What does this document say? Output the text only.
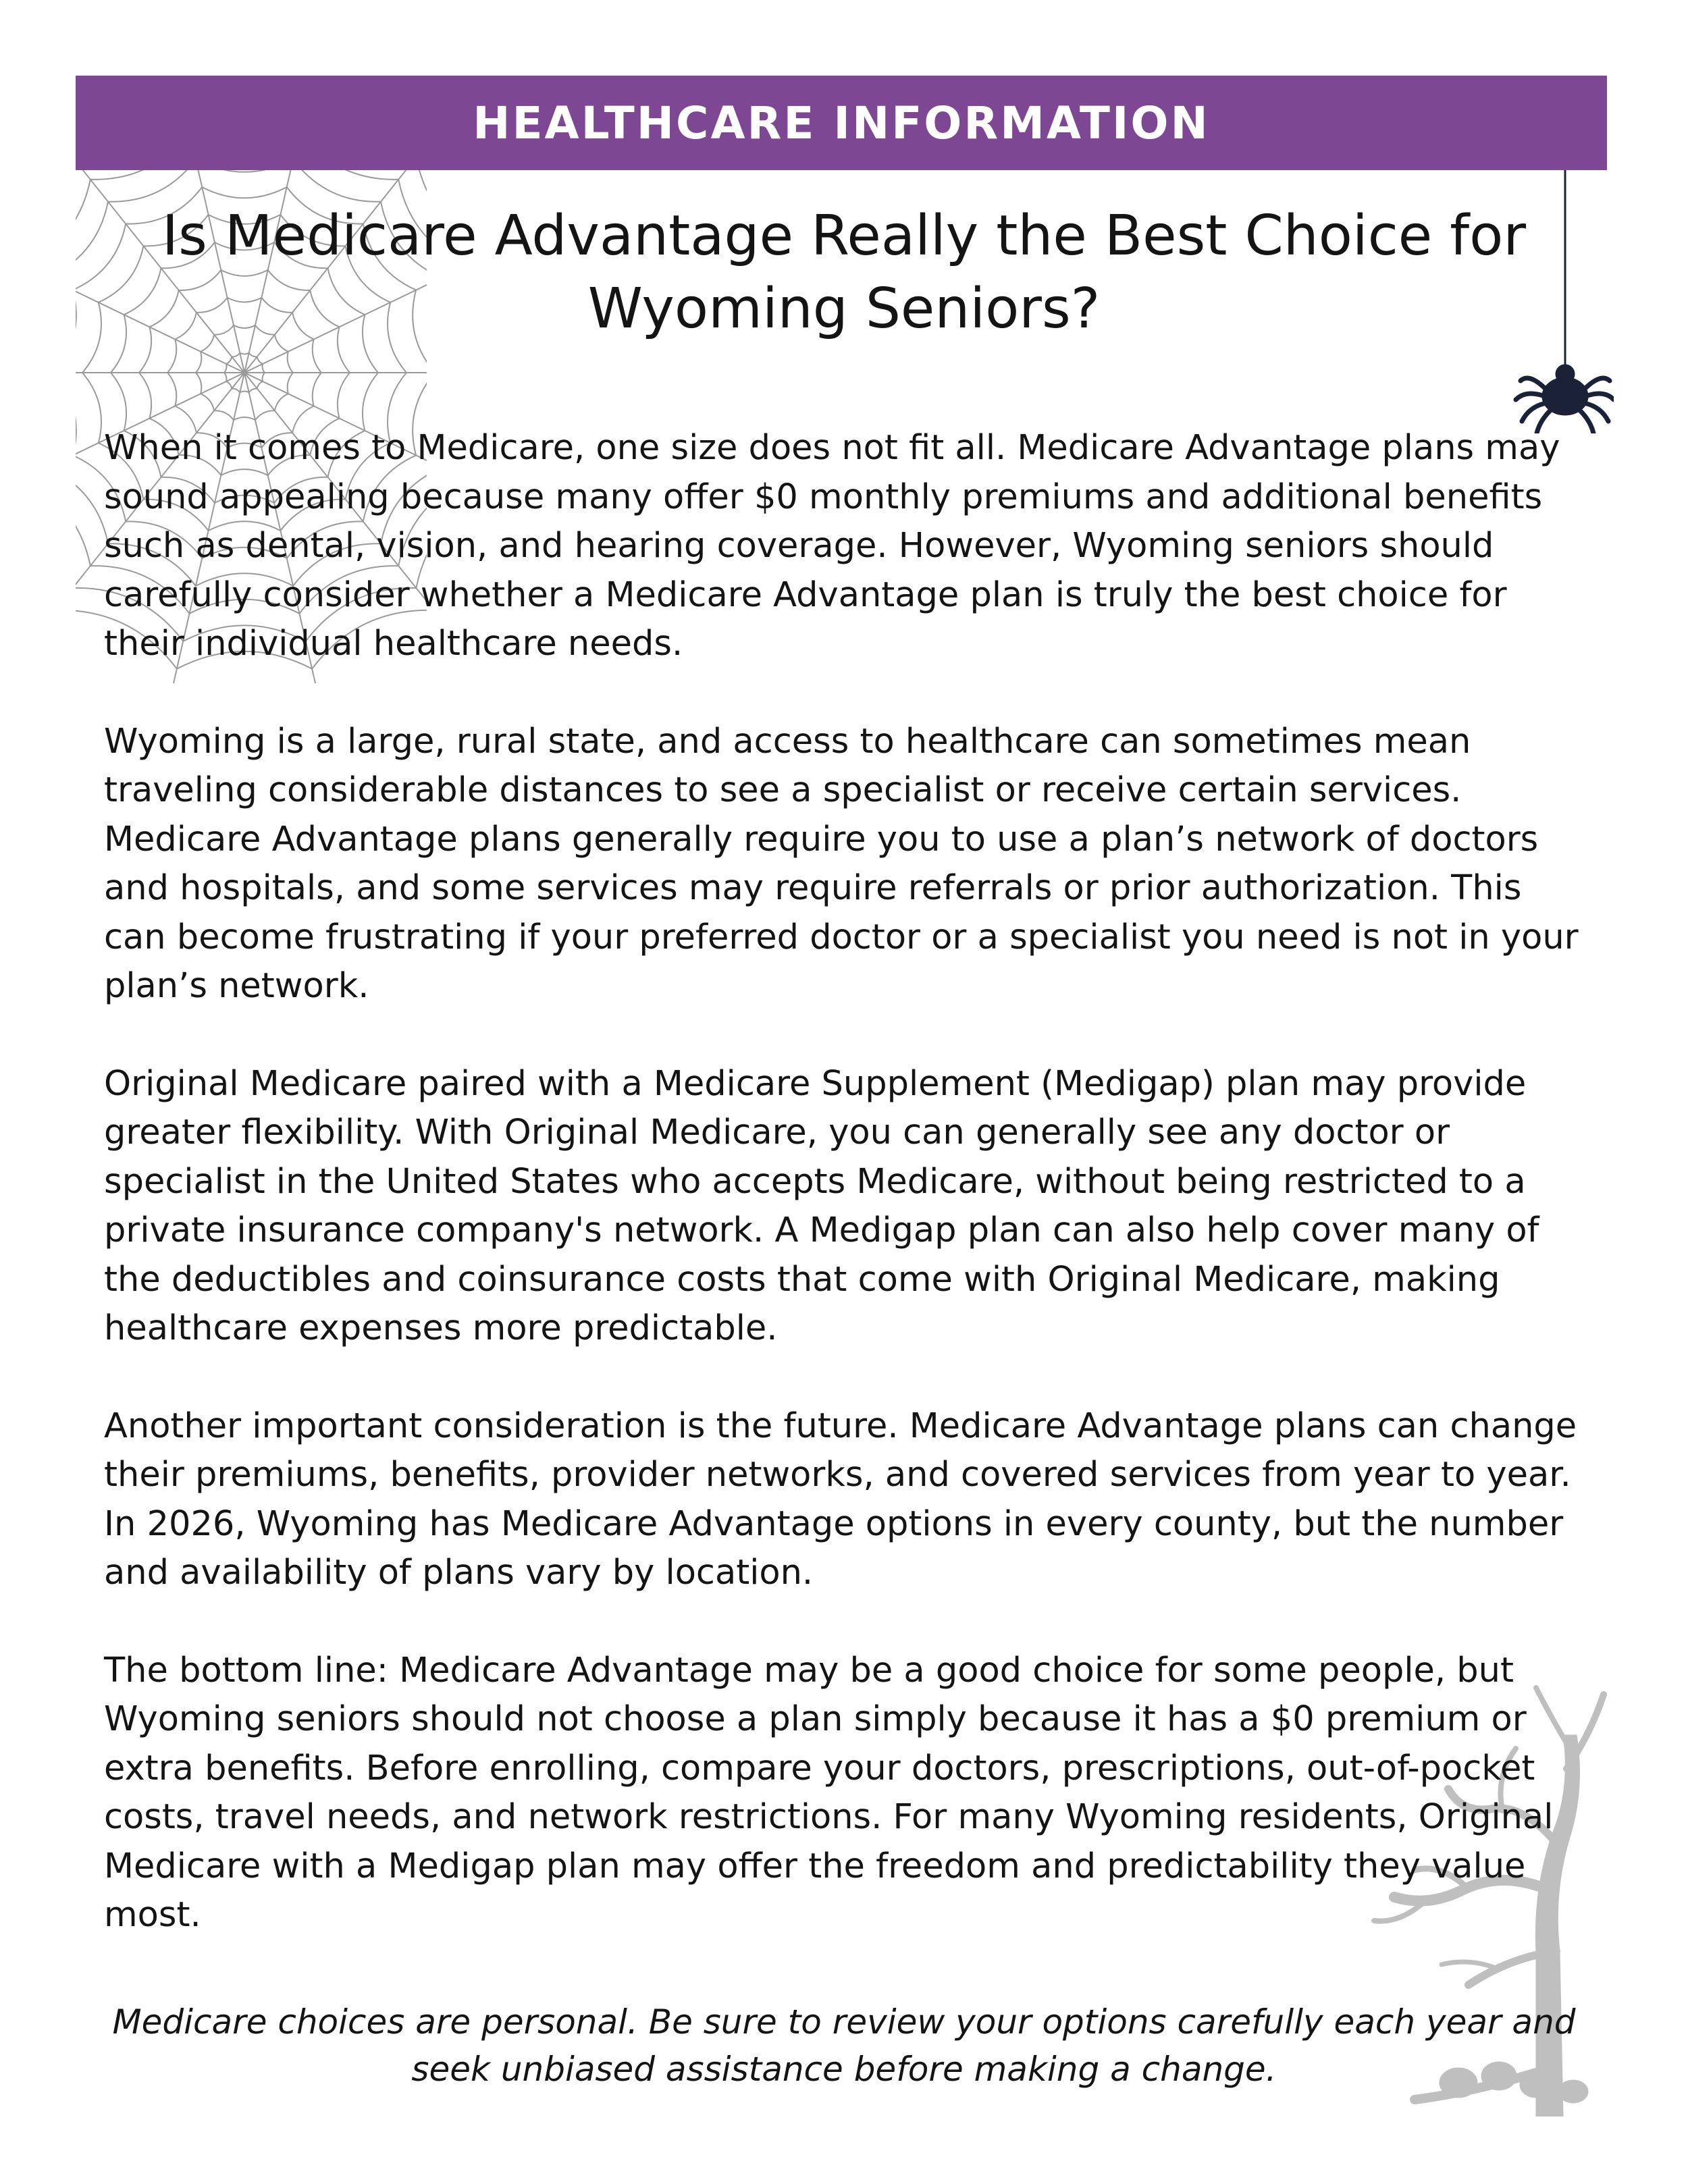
HEALTHCARE INFORMATION
Is Medicare Advantage Really the Best Choice for Wyoming Seniors?

When it comes to Medicare, one size does not fit all. Medicare Advantage plans may sound appealing because many offer $0 monthly premiums and additional benefits such as dental, vision, and hearing coverage. However, Wyoming seniors should carefully consider whether a Medicare Advantage plan is truly the best choice for their individual healthcare needs.

Wyoming is a large, rural state, and access to healthcare can sometimes mean traveling considerable distances to see a specialist or receive certain services. Medicare Advantage plans generally require you to use a plan’s network of doctors and hospitals, and some services may require referrals or prior authorization. This can become frustrating if your preferred doctor or a specialist you need is not in your plan’s network.

Original Medicare paired with a Medicare Supplement (Medigap) plan may provide greater flexibility. With Original Medicare, you can generally see any doctor or specialist in the United States who accepts Medicare, without being restricted to a private insurance company's network. A Medigap plan can also help cover many of the deductibles and coinsurance costs that come with Original Medicare, making healthcare expenses more predictable.

Another important consideration is the future. Medicare Advantage plans can change their premiums, benefits, provider networks, and covered services from year to year. In 2026, Wyoming has Medicare Advantage options in every county, but the number and availability of plans vary by location.

The bottom line: Medicare Advantage may be a good choice for some people, but Wyoming seniors should not choose a plan simply because it has a $0 premium or extra benefits. Before enrolling, compare your doctors, prescriptions, out-of-pocket costs, travel needs, and network restrictions. For many Wyoming residents, Original Medicare with a Medigap plan may offer the freedom and predictability they value most.

Medicare choices are personal. Be sure to review your options carefully each year and seek unbiased assistance before making a change.
